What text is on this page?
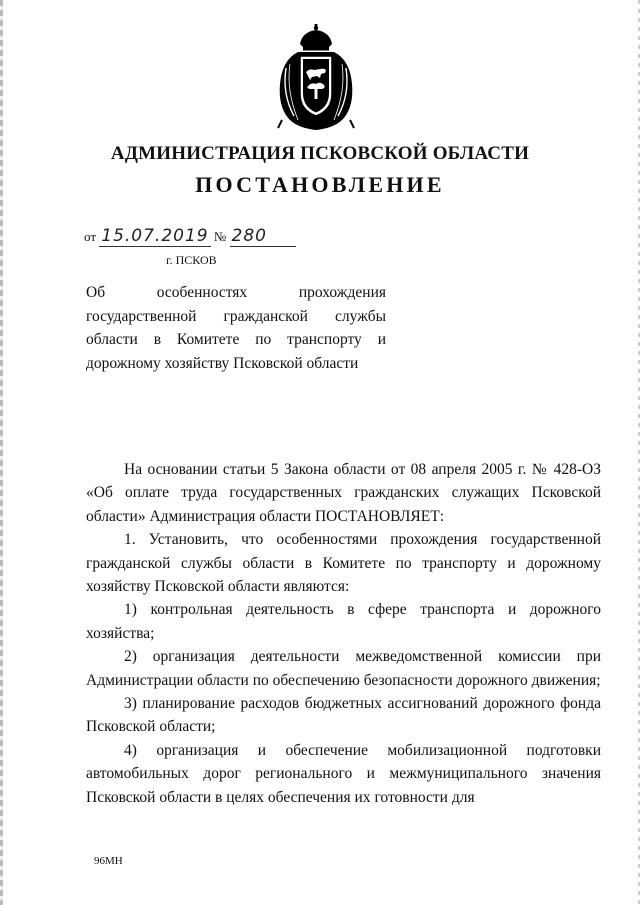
АДМИНИСТРАЦИЯ ПСКОВСКОЙ ОБЛАСТИ
ПОСТАНОВЛЕНИЕ
от 15.07.2019 № 280
г. ПСКОВ
Об особенностях прохождения государственной гражданской службы области в Комитете по транспорту и дорожному хозяйству Псковской области

На основании статьи 5 Закона области от 08 апреля 2005 г. № 428-ОЗ «Об оплате труда государственных гражданских служащих Псковской области» Администрация области ПОСТАНОВЛЯЕТ:

1. Установить, что особенностями прохождения государственной гражданской службы области в Комитете по транспорту и дорожному хозяйству Псковской области являются:

1) контрольная деятельность в сфере транспорта и дорожного хозяйства;

2) организация деятельности межведомственной комиссии при Администрации области по обеспечению безопасности дорожного движения;

3) планирование расходов бюджетных ассигнований дорожного фонда Псковской области;

4) организация и обеспечение мобилизационной подготовки автомобильных дорог регионального и межмуниципального значения Псковской области в целях обеспечения их готовности для

96МН
